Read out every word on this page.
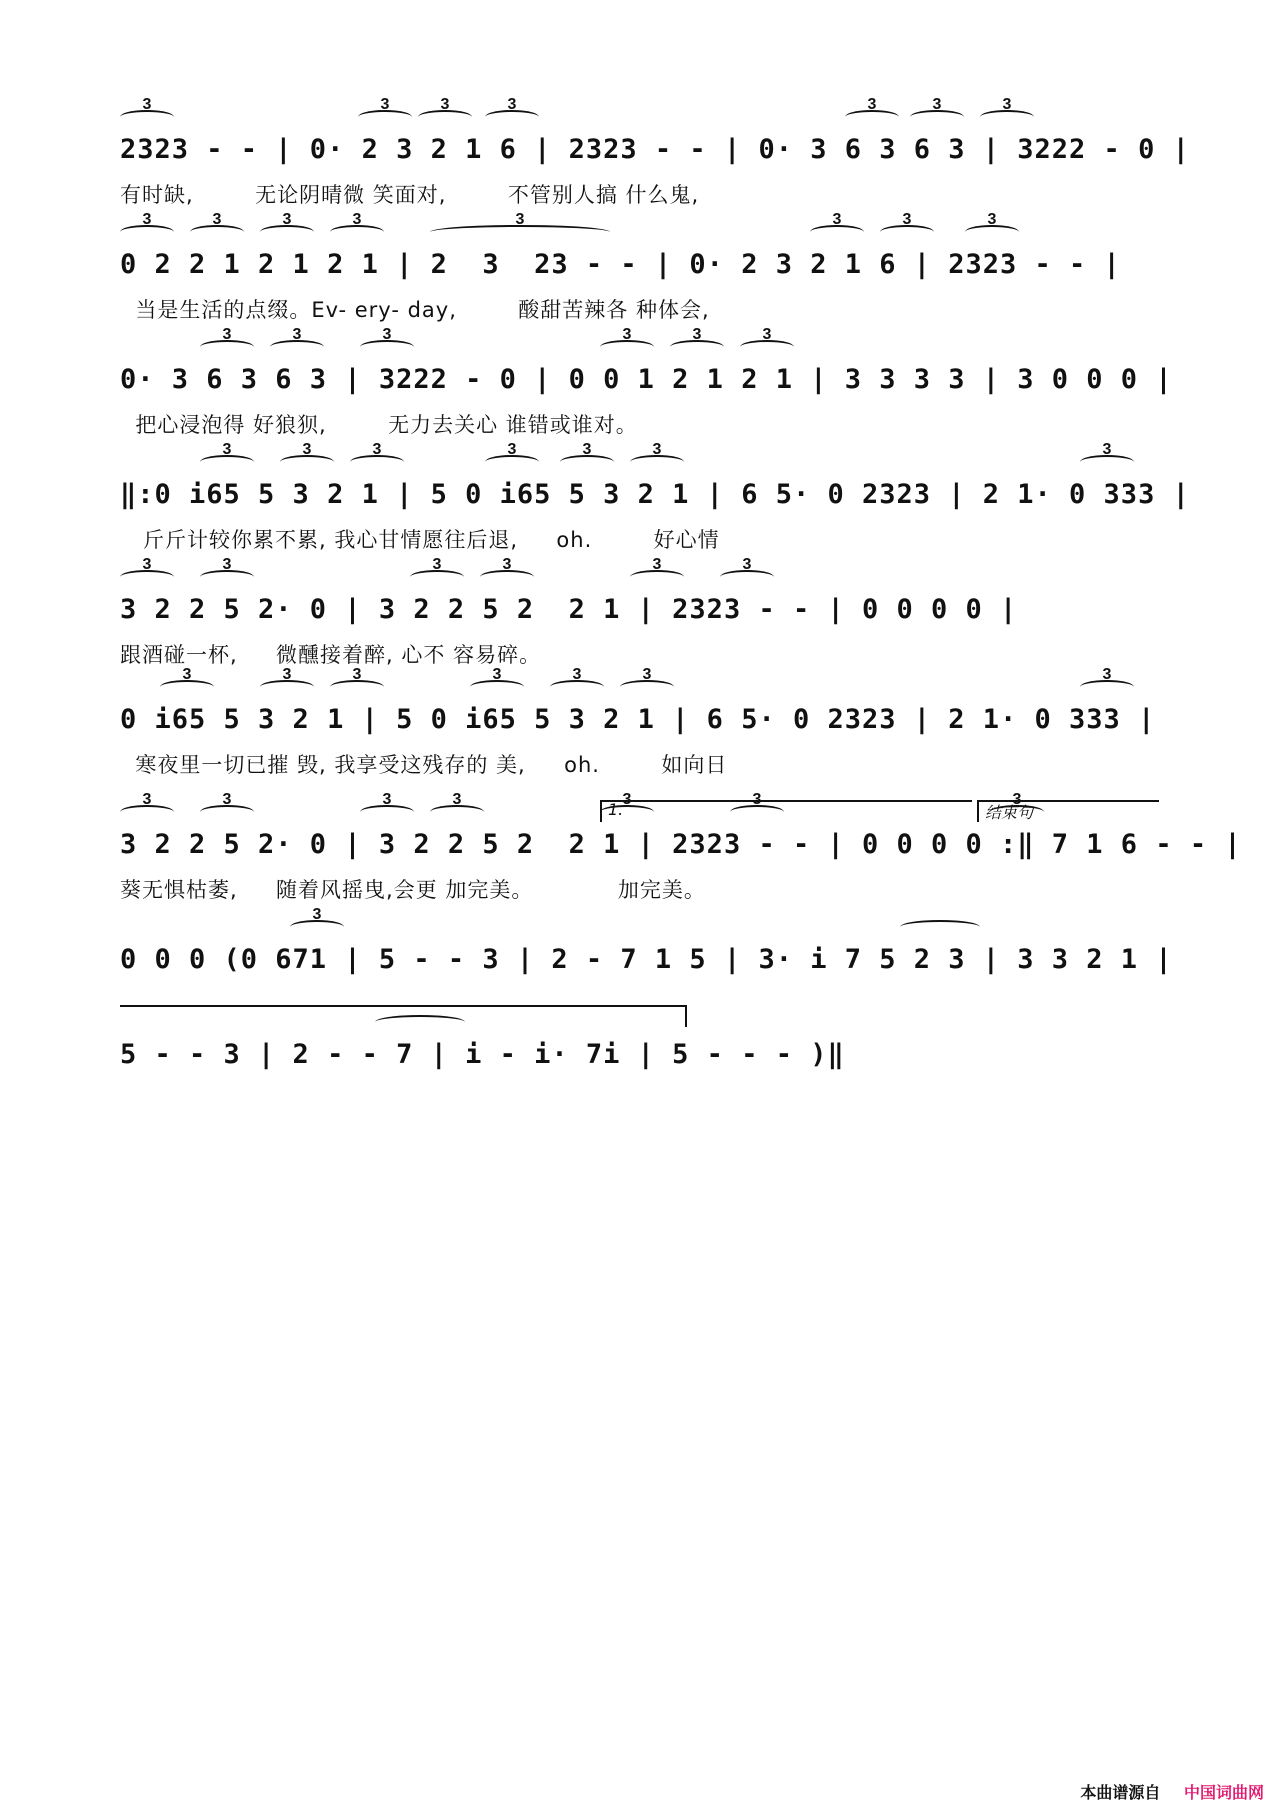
3	3	3	3	3	3	3
2323 - - | 0· 2 3 2 1 6 | 2323 - - | 0· 3 6 3 6 3 | 3222 - 0 |
有时缺,        无论阴晴微 笑面对,        不管别人搞 什么鬼,
3	3	3	3	3	3	3	3
0 2 2 1 2 1 2 1 | 2  3  23 - - | 0· 2 3 2 1 6 | 2323 - - |
当是生活的点缀。Ev- ery- day,        酸甜苦辣各 种体会,
3	3	3	3	3	3
0· 3 6 3 6 3 | 3222 - 0 | 0 0 1 2 1 2 1 | 3 3 3 3 | 3 0 0 0 |
把心浸泡得 好狼狈,        无力去关心 谁错或谁对。
3	3	3	3	3	3	3
‖:0 i65 5 3 2 1 | 5 0 i65 5 3 2 1 | 6 5· 0 2323 | 2 1· 0 333 |
斤斤计较你累不累, 我心甘情愿往后退,     oh.        好心情
3	3	3	3	3	3
3 2 2 5 2· 0 | 3 2 2 5 2  2 1 | 2323 - - | 0 0 0 0 |
跟酒碰一杯,     微醺接着醉, 心不 容易碎。
3	3	3	3	3	3	3
0 i65 5 3 2 1 | 5 0 i65 5 3 2 1 | 6 5· 0 2323 | 2 1· 0 333 |
寒夜里一切已摧 毁, 我享受这残存的 美,     oh.        如向日
1.	结束句
3	3	3	3	3	3	3
3 2 2 5 2· 0 | 3 2 2 5 2  2 1 | 2323 - - | 0 0 0 0 :‖ 7 1 6 - - |
葵无惧枯萎,     随着风摇曳,会更 加完美。           加完美。
3
0 0 0 (0 671 | 5 - - 3 | 2 - 7 1 5 | 3· i 7 5 2 3 | 3 3 2 1 |
5 - - 3 | 2 - - 7 | i - i· 7i | 5 - - - )‖
本曲谱源自 中国词曲网
